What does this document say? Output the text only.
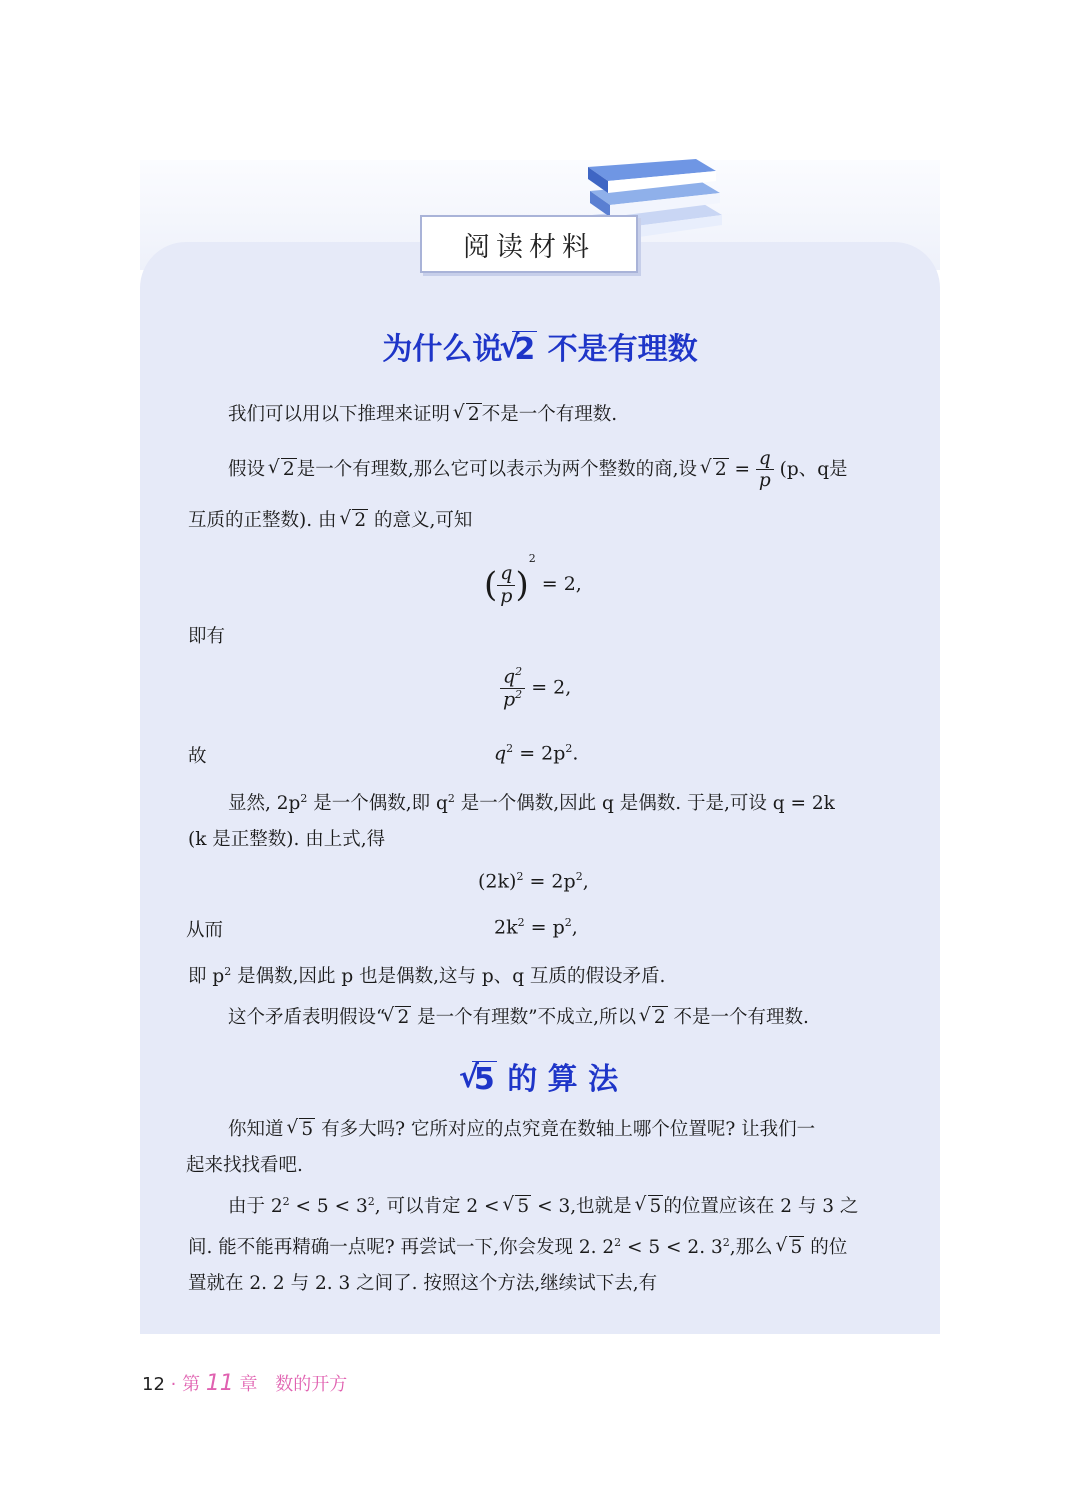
阅读材料
为什么说 √ 2 不是有理数
我们可以用以下推理来证明 √ 2 不是一个有理数.
假设 √ 2 是一个有理数,那么它可以表示为两个整数的商,设 √ $2 = \frac{q}{p} (p$、q是
互质的正整数). 由 √ 2 的意义,可知
( $\frac{q}{p} )^2 = 2$,
即有
$\frac{q^2}{p^2} = 2$,
故	$q^2 = 2p^2$.
显然, $2p^2$ 是一个偶数,即 $q^2$ 是一个偶数,因此 q 是偶数. 于是,可设 q = 2k
(k 是正整数). 由上式,得
$(2k)^2 = 2p^2$,
从而	$2k^2 = p^2$,
即 $p^2$ 是偶数,因此 p 也是偶数,这与 p、q 互质的假设矛盾.
这个矛盾表明假设“ √ 2 是一个有理数”不成立,所以 √ 2 不是一个有理数.
√ 5 的 算 法
你知道 √ 5 有多大吗? 它所对应的点究竟在数轴上哪个位置呢? 让我们一
起来找找看吧.
由于 $2^2 < 5 < 3^2$, 可以肯定 2 < √ 5 < 3,也就是 √ 5 的位置应该在 2 与 3 之
间. 能不能再精确一点呢? 再尝试一下,你会发现 2. $2^2 < 5 < 2$. $3^2$,那么 √ 5 的位
置就在 2. 2 与 2. 3 之间了. 按照这个方法,继续试下去,有
12 · 第 11 章 数的开方
